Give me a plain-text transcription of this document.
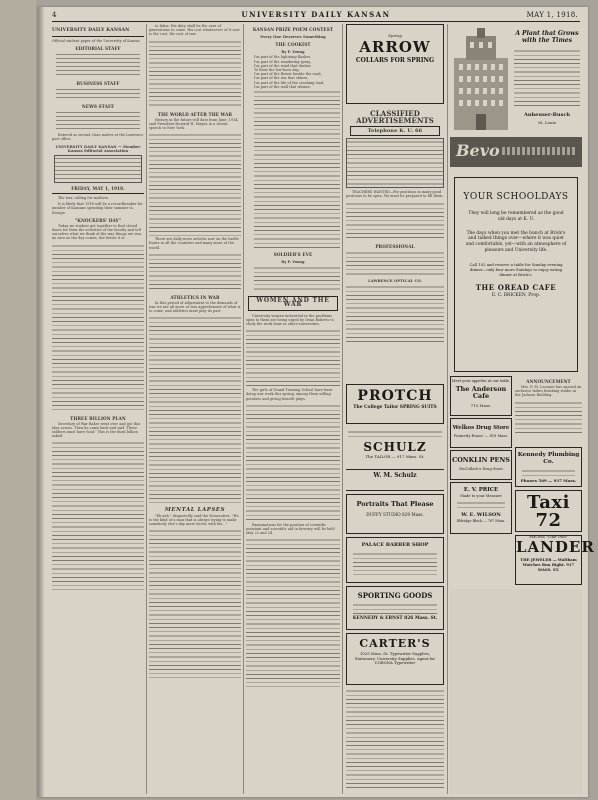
4	UNIVERSITY DAILY KANSAN	MAY 1, 1918.
UNIVERSITY DAILY KANSAN
Official student paper of the University of Kansas
EDITORIAL STAFF
BUSINESS STAFF
NEWS STAFF

Entered as second class matter at the Lawrence post office.

UNIVERSITY DAILY KANSAN — Member Kansas Editorial Association
FRIDAY, MAY 1, 1918.

The war, calling for mothers.

It is likely that 1918 will be a recordbreaker for number of Kansans spending their summer in Europe.

"KNOCKERS' DAY"

Today we student get together to find closed doors for from the activities of the faculty and tell ourselves what we think of the way things are run. As sure as the day comes, the better it is.

THREE BILLION PLAN

Secretary of War Baker went over and got this idea across. Then he came back and said 'These soldiers must have food.' This is the third billion asked.

to labor. His duty shall be the care of generations to come. His cost whatsoever of it now is the cost, the cost of war.

THE WORLD AFTER THE WAR

History in the future will date from June, 1914, said President Howard H. Mayen in a recent speech in New York.

There are dally-news articles now on the battle fronts in all the countries and many more of the world.

ATHLETICS IN WAR

In this period of adjustment to the demands of war we are all more or less apprehensive of what is to come, and athletics must play its part.

MENTAL LAPSES

"Eh-yah," disgustedly said the Mossouttee. "He is the kind of a man that is always trying to make somebody else's day more hectic with his..."

KANSAN PRIZE POEM CONTEST
Every One Deserves Something
THE COOKIST
By P. Young
I'm part of the lightning flashes,
I'm part of the wandering spray,
I'm part of the wind that dashes
To blow the low-born day;
I'm part of the flower beside the road,
I'm part of the sea that shines,
I'm part of the life of the crushing load,
I'm part of the wall that whines.
SOLDIER'S EVE
By P. Young
WOMEN AND THE WAR

University women interested in the problems open to them are being urged by Dean Roberts to study the work done in other universities.

The girls of Grand Training School have been doing war work this spring, among them selling potatoes and giving benefit plays.

Examinations for the position of scientific assistant and scientific aid in forestry will be held May 22 and 24.

Spring
ARROW
COLLARS FOR SPRING

CLASSIFIED ADVERTISEMENTS
Telephone K. U. 66

TEACHERS WANTED—For positions in many good positions to be open. We must be prepared to fill them.

PROFESSIONAL
LAWRENCE OPTICAL CO.
PROTCH
The College Tailor SPRING SUITS
SCHULZ
The TAILOR — 917 Mass. St.
W. M. Schulz
Portraits That Please
DUFFY STUDIO 829 Mass.
PALACE BARBER SHOP
SPORTING GOODS
KENNEDY & ERNST 826 Mass. St.
CARTER'S
1025 Mass. St. Typewriter Supplies, Stationery. University Supplies. Agent for CORONA Typewriter
A Plant that Grows with the Times
Anheuser-Busch
St. Louis
Bevo
YOUR SCHOOLDAYS
They will long be remembered as the good old days at K. U.
The days when you met the bunch at Brick's and talked things over—where it was quiet and comfortable, yet—with an atmosphere of pleasure and University life.
Call 102 and reserve a table for Sunday evening dinner—only four more Sundays to enjoy eating dinner at Brick's.
THE OREAD CAFE
E. C. BRICKEN, Prop.
Meet your appetite at our table.
The Anderson Cafe
715 Mass.
Welkos Drug Store
Formerly Evans' — 819 Mass.
CONKLIN PENS
McColloch's Drug Store
E. V. PRICE
Made to your Measure
W. E. WILSON
Eldridge Block — 787 Mass.
ANNOUNCEMENT

Mrs. F. M. Leonner has opened an exclusive ladies finishing studio in the Jackson Building.

Kennedy Plumbing Co.
Phones 569 — 937 Mass.
Taxi 72
PHONE "One-Two"
LANDER
THE JEWELER — Waltham Watches Run Right. 917 MASS. ST.
